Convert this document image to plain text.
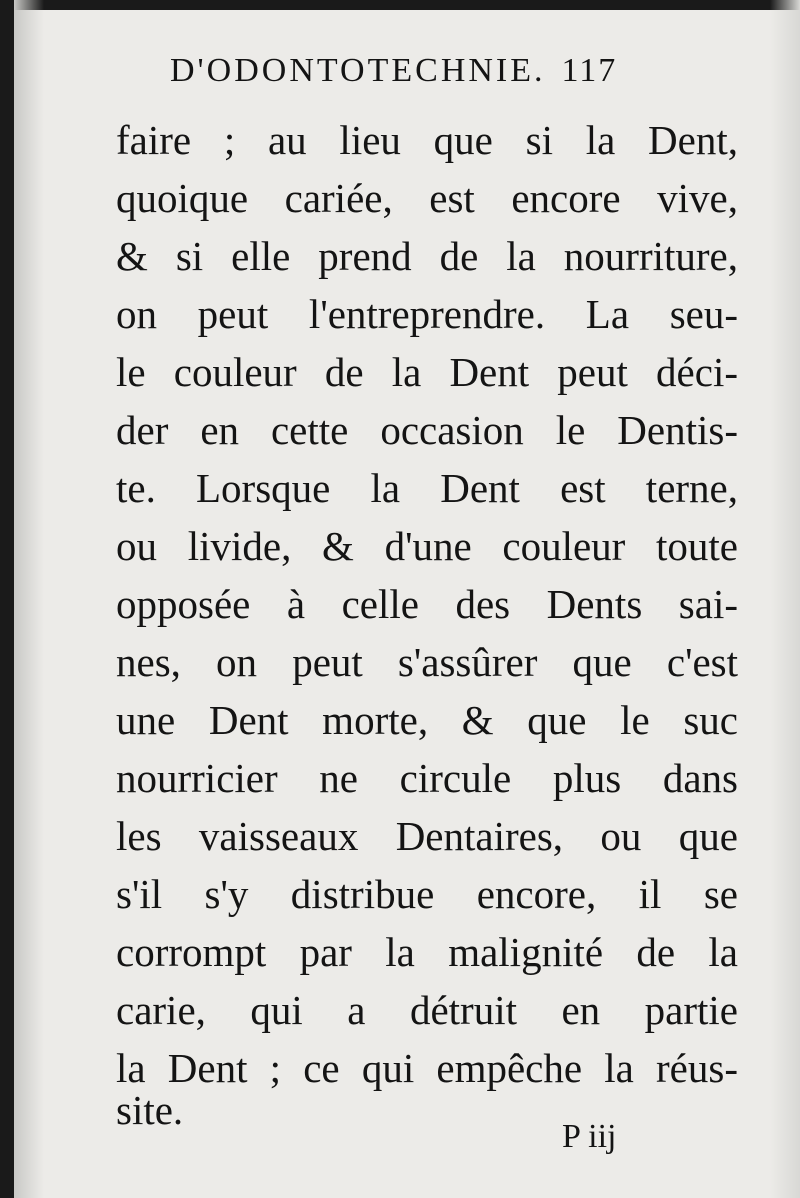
D'ODONTOTECHNIE. 117
faire ; au lieu que si la Dent,
quoique cariée, est encore vive,
& si elle prend de la nourriture,
on peut l'entreprendre. La seu-
le couleur de la Dent peut déci-
der en cette occasion le Dentis-
te. Lorsque la Dent est terne,
ou livide, & d'une couleur toute
opposée à celle des Dents sai-
nes, on peut s'assûrer que c'est
une Dent morte, & que le suc
nourricier ne circule plus dans
les vaisseaux Dentaires, ou que
s'il s'y distribue encore, il se
corrompt par la malignité de la
carie, qui a détruit en partie
la Dent ; ce qui empêche la réus-
site.
P iij
